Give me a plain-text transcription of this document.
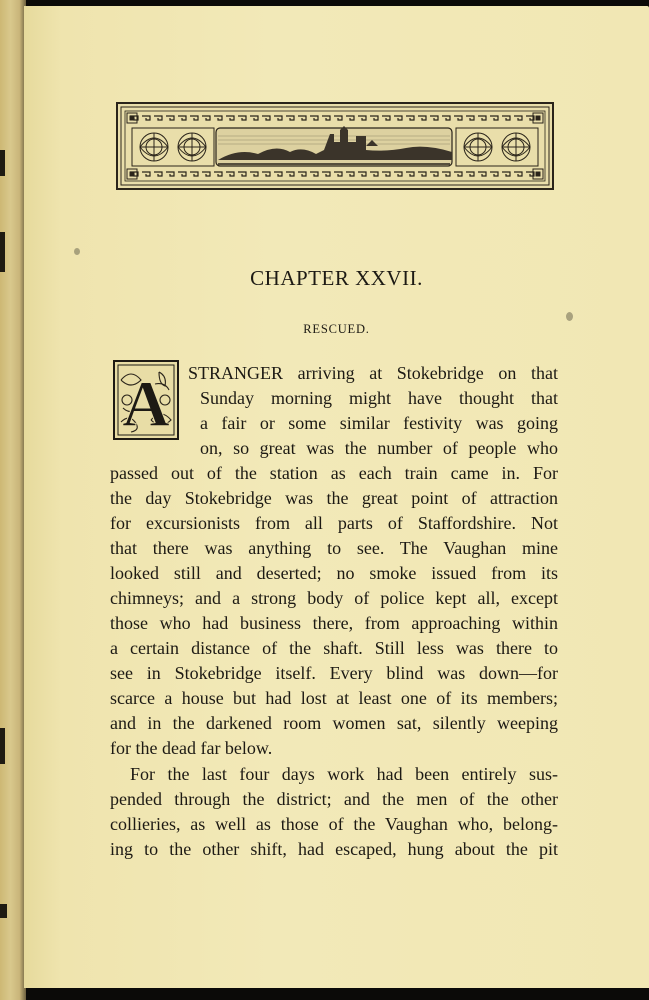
CHAPTER XXVII.
RESCUED.
A STRANGER arriving at Stokebridge on that
Sunday morning might have thought that
a fair or some similar festivity was going
on, so great was the number of people who
passed out of the station as each train came in. For
the day Stokebridge was the great point of attraction
for excursionists from all parts of Staffordshire. Not
that there was anything to see. The Vaughan mine
looked still and deserted; no smoke issued from its
chimneys; and a strong body of police kept all, except
those who had business there, from approaching within
a certain distance of the shaft. Still less was there to
see in Stokebridge itself. Every blind was down—for
scarce a house but had lost at least one of its members;
and in the darkened room women sat, silently weeping
for the dead far below.
For the last four days work had been entirely sus-
pended through the district; and the men of the other
collieries, as well as those of the Vaughan who, belong-
ing to the other shift, had escaped, hung about the pit
